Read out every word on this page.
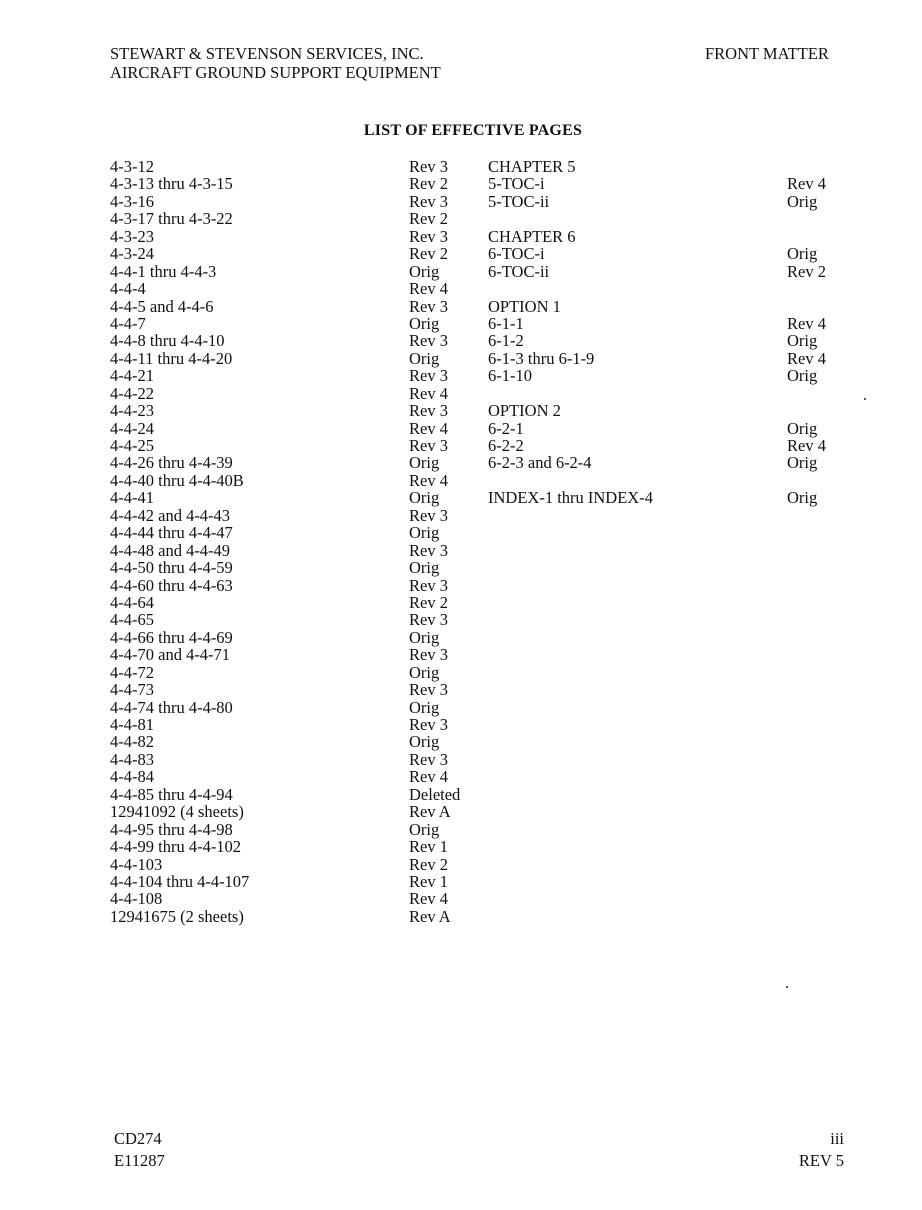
STEWART & STEVENSON SERVICES, INC.
AIRCRAFT GROUND SUPPORT EQUIPMENT
FRONT MATTER
LIST OF EFFECTIVE PAGES
4-3-12
4-3-13 thru 4-3-15
4-3-16
4-3-17 thru 4-3-22
4-3-23
4-3-24
4-4-1 thru 4-4-3
4-4-4
4-4-5 and 4-4-6
4-4-7
4-4-8 thru 4-4-10
4-4-11 thru 4-4-20
4-4-21
4-4-22
4-4-23
4-4-24
4-4-25
4-4-26 thru 4-4-39
4-4-40 thru 4-4-40B
4-4-41
4-4-42 and 4-4-43
4-4-44 thru 4-4-47
4-4-48 and 4-4-49
4-4-50 thru 4-4-59
4-4-60 thru 4-4-63
4-4-64
4-4-65
4-4-66 thru 4-4-69
4-4-70 and 4-4-71
4-4-72
4-4-73
4-4-74 thru 4-4-80
4-4-81
4-4-82
4-4-83
4-4-84
4-4-85 thru 4-4-94
12941092 (4 sheets)
4-4-95 thru 4-4-98
4-4-99 thru 4-4-102
4-4-103
4-4-104 thru 4-4-107
4-4-108
12941675 (2 sheets)
Rev 3
Rev 2
Rev 3
Rev 2
Rev 3
Rev 2
Orig
Rev 4
Rev 3
Orig
Rev 3
Orig
Rev 3
Rev 4
Rev 3
Rev 4
Rev 3
Orig
Rev 4
Orig
Rev 3
Orig
Rev 3
Orig
Rev 3
Rev 2
Rev 3
Orig
Rev 3
Orig
Rev 3
Orig
Rev 3
Orig
Rev 3
Rev 4
Deleted
Rev A
Orig
Rev 1
Rev 2
Rev 1
Rev 4
Rev A
CHAPTER 5
5-TOC-i
5-TOC-ii
CHAPTER 6
6-TOC-i
6-TOC-ii
OPTION 1
6-1-1
6-1-2
6-1-3 thru 6-1-9
6-1-10
OPTION 2
6-2-1
6-2-2
6-2-3 and 6-2-4
INDEX-1 thru INDEX-4
Rev 4
Orig
Orig
Rev 2
Rev 4
Orig
Rev 4
Orig
Orig
Rev 4
Orig
Orig
CD274
E11287
iii
REV 5
